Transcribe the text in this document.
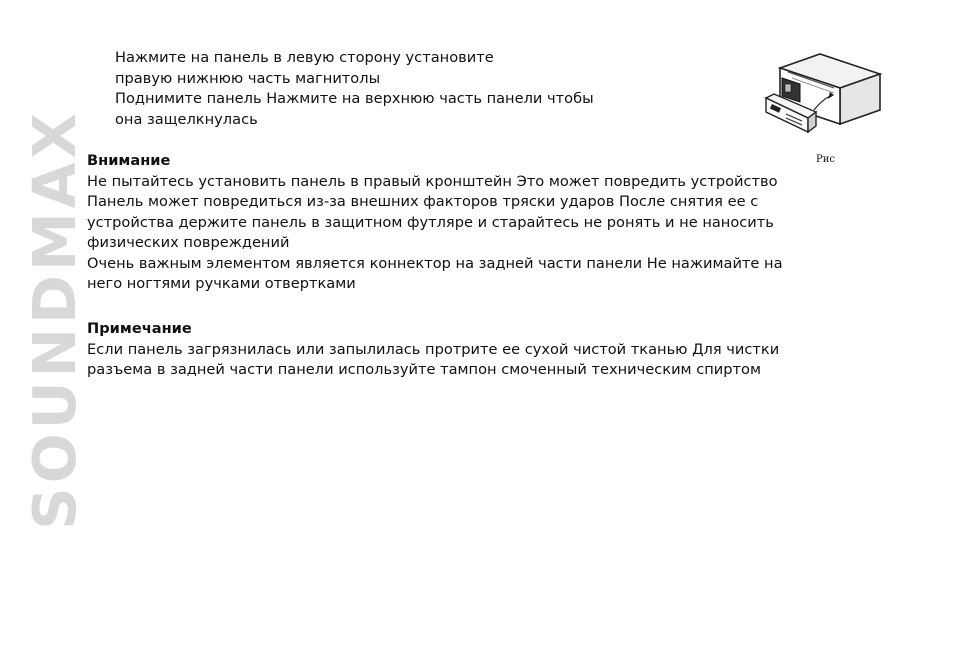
SOUNDMAX
Нажмите на панель в левую сторону установите
правую нижнюю часть магнитолы
Поднимите панель Нажмите на верхнюю часть панели чтобы
она защелкнулась
Рис
Внимание
Не пытайтесь установить панель в правый кронштейн Это может повредить устройство
Панель может повредиться из-за внешних факторов тряски ударов После снятия ее с
устройства держите панель в защитном футляре и старайтесь не ронять и не наносить
физических повреждений
Очень важным элементом является коннектор на задней части панели Не нажимайте на
него ногтями ручками отвертками
Примечание
Если панель загрязнилась или запылилась протрите ее сухой чистой тканью Для чистки
разъема в задней части панели используйте тампон смоченный техническим спиртом
